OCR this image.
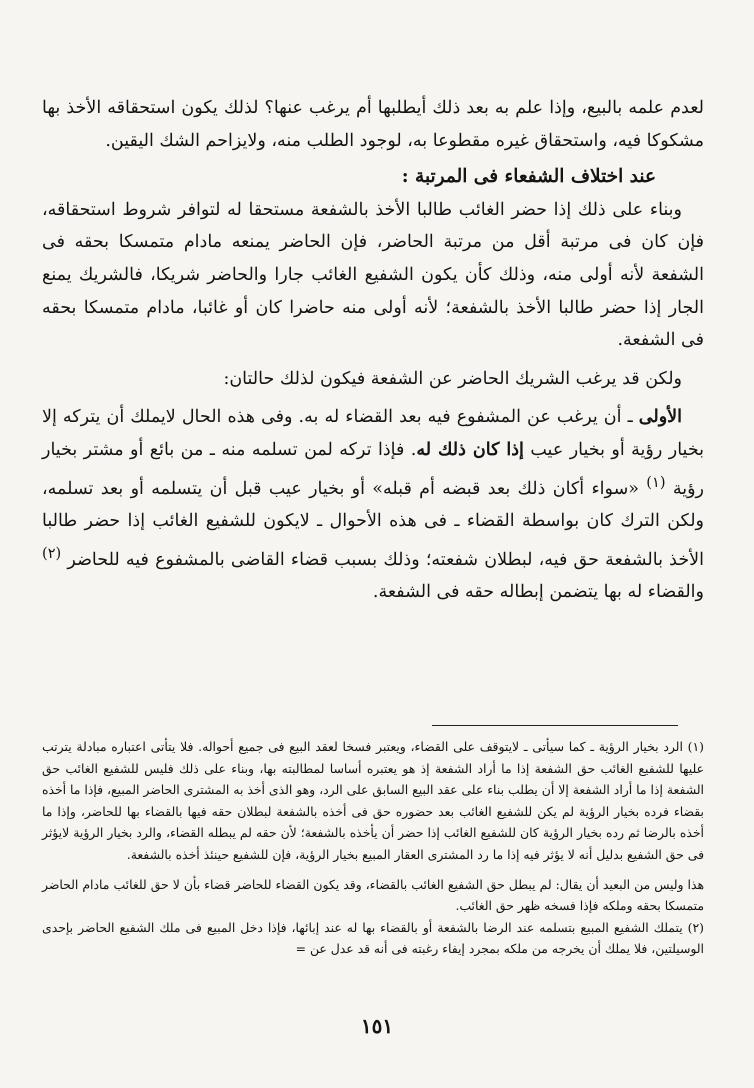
لعدم علمه بالبيع، وإذا علم به بعد ذلك أيطلبها أم يرغب عنها؟ لذلك يكون استحقاقه الأخذ بها مشكوكا فيه، واستحقاق غيره مقطوعا به، لوجود الطلب منه، ولايزاحم الشك اليقين.

عند اختلاف الشفعاء فى المرتبة :

وبناء على ذلك إذا حضر الغائب طالبا الأخذ بالشفعة مستحقا له لتوافر شروط استحقاقه، فإن كان فى مرتبة أقل من مرتبة الحاضر، فإن الحاضر يمنعه مادام متمسكا بحقه فى الشفعة لأنه أولى منه، وذلك كأن يكون الشفيع الغائب جارا والحاضر شريكا، فالشريك يمنع الجار إذا حضر طالبا الأخذ بالشفعة؛ لأنه أولى منه حاضرا كان أو غائبا، مادام متمسكا بحقه فى الشفعة.

ولكن قد يرغب الشريك الحاضر عن الشفعة فيكون لذلك حالتان:

الأولى ـ أن يرغب عن المشفوع فيه بعد القضاء له به. وفى هذه الحال لايملك أن يتركه إلا بخيار رؤية أو بخيار عيب إذا كان ذلك له. فإذا تركه لمن تسلمه منه ـ من بائع أو مشتر بخيار رؤية $^{(١)}$ «سواء أكان ذلك بعد قبضه أم قبله» أو بخيار عيب قبل أن يتسلمه أو بعد تسلمه، ولكن الترك كان بواسطة القضاء ـ فى هذه الأحوال ـ لايكون للشفيع الغائب إذا حضر طالبا الأخذ بالشفعة حق فيه، لبطلان شفعته؛ وذلك بسبب قضاء القاضى بالمشفوع فيه للحاضر $^{(٢)}$ والقضاء له بها يتضمن إبطاله حقه فى الشفعة.

(١) الرد بخيار الرؤية ـ كما سيأتى ـ لايتوقف على القضاء، ويعتبر فسخا لعقد البيع فى جميع أحواله. فلا يتأتى اعتباره مبادلة يترتب عليها للشفيع الغائب حق الشفعة إذا ما أراد الشفعة إذ هو يعتبره أساسا لمطالبته بها، وبناء على ذلك فليس للشفيع الغائب حق الشفعة إذا ما أراد الشفعة إلا أن يطلب بناء على عقد البيع السابق على الرد، وهو الذى أخذ به المشترى الحاضر المبيع، فإذا ما أخذه بقضاء فرده بخيار الرؤية لم يكن للشفيع الغائب بعد حضوره حق فى أخذه بالشفعة لبطلان حقه فيها بالقضاء بها للحاضر، وإذا ما أخذه بالرضا ثم رده بخيار الرؤية كان للشفيع الغائب إذا حضر أن يأخذه بالشفعة؛ لأن حقه لم يبطله القضاء، والرد بخيار الرؤية لايؤثر فى حق الشفيع بدليل أنه لا يؤثر فيه إذا ما رد المشترى العقار المبيع بخيار الرؤية، فإن للشفيع حينئذ أخذه بالشفعة.

هذا وليس من البعيد أن يقال: لم يبطل حق الشفيع الغائب بالقضاء، وقد يكون القضاء للحاضر قضاء بأن لا حق للغائب مادام الحاضر متمسكا بحقه وملكه فإذا فسخه ظهر حق الغائب.

(٢) يتملك الشفيع المبيع بتسلمه عند الرضا بالشفعة أو بالقضاء بها له عند إبائها، فإذا دخل المبيع فى ملك الشفيع الحاضر بإحدى الوسيلتين، فلا يملك أن يخرجه من ملكه بمجرد إيفاء رغبته فى أنه قد عدل عن =

١٥١
